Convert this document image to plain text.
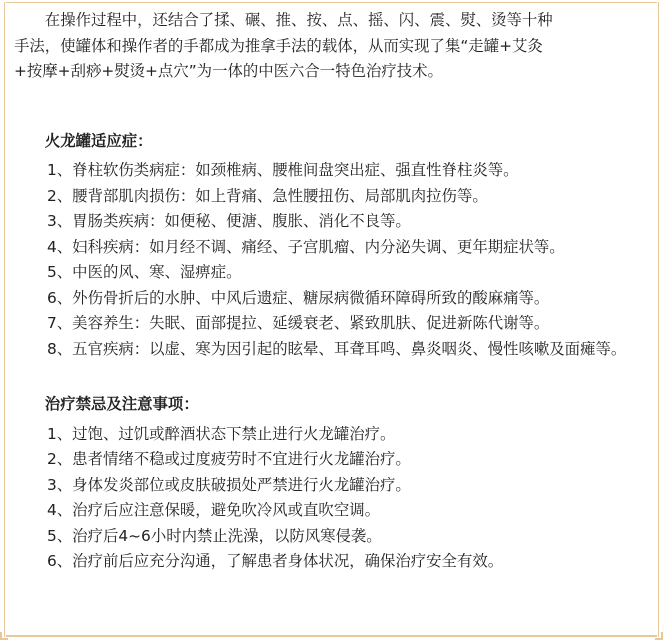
在操作过程中，还结合了揉、碾、推、按、点、摇、闪、震、熨、烫等十种

手法，使罐体和操作者的手都成为推拿手法的载体，从而实现了集“走罐+艾灸

+按摩+刮痧+熨烫+点穴”为一体的中医六合一特色治疗技术。

火龙罐适应症：

1、脊柱软伤类病症：如颈椎病、腰椎间盘突出症、强直性脊柱炎等。

2、腰背部肌肉损伤：如上背痛、急性腰扭伤、局部肌肉拉伤等。

3、胃肠类疾病：如便秘、便溏、腹胀、消化不良等。

4、妇科疾病：如月经不调、痛经、子宫肌瘤、内分泌失调、更年期症状等。

5、中医的风、寒、湿痹症。

6、外伤骨折后的水肿、中风后遗症、糖尿病微循环障碍所致的酸麻痛等。

7、美容养生：失眠、面部提拉、延缓衰老、紧致肌肤、促进新陈代谢等。

8、五官疾病：以虚、寒为因引起的眩晕、耳聋耳鸣、鼻炎咽炎、慢性咳嗽及面瘫等。

治疗禁忌及注意事项：

1、过饱、过饥或醉酒状态下禁止进行火龙罐治疗。

2、患者情绪不稳或过度疲劳时不宜进行火龙罐治疗。

3、身体发炎部位或皮肤破损处严禁进行火龙罐治疗。

4、治疗后应注意保暖，避免吹冷风或直吹空调。

5、治疗后4~6小时内禁止洗澡，以防风寒侵袭。

6、治疗前后应充分沟通，了解患者身体状况，确保治疗安全有效。
